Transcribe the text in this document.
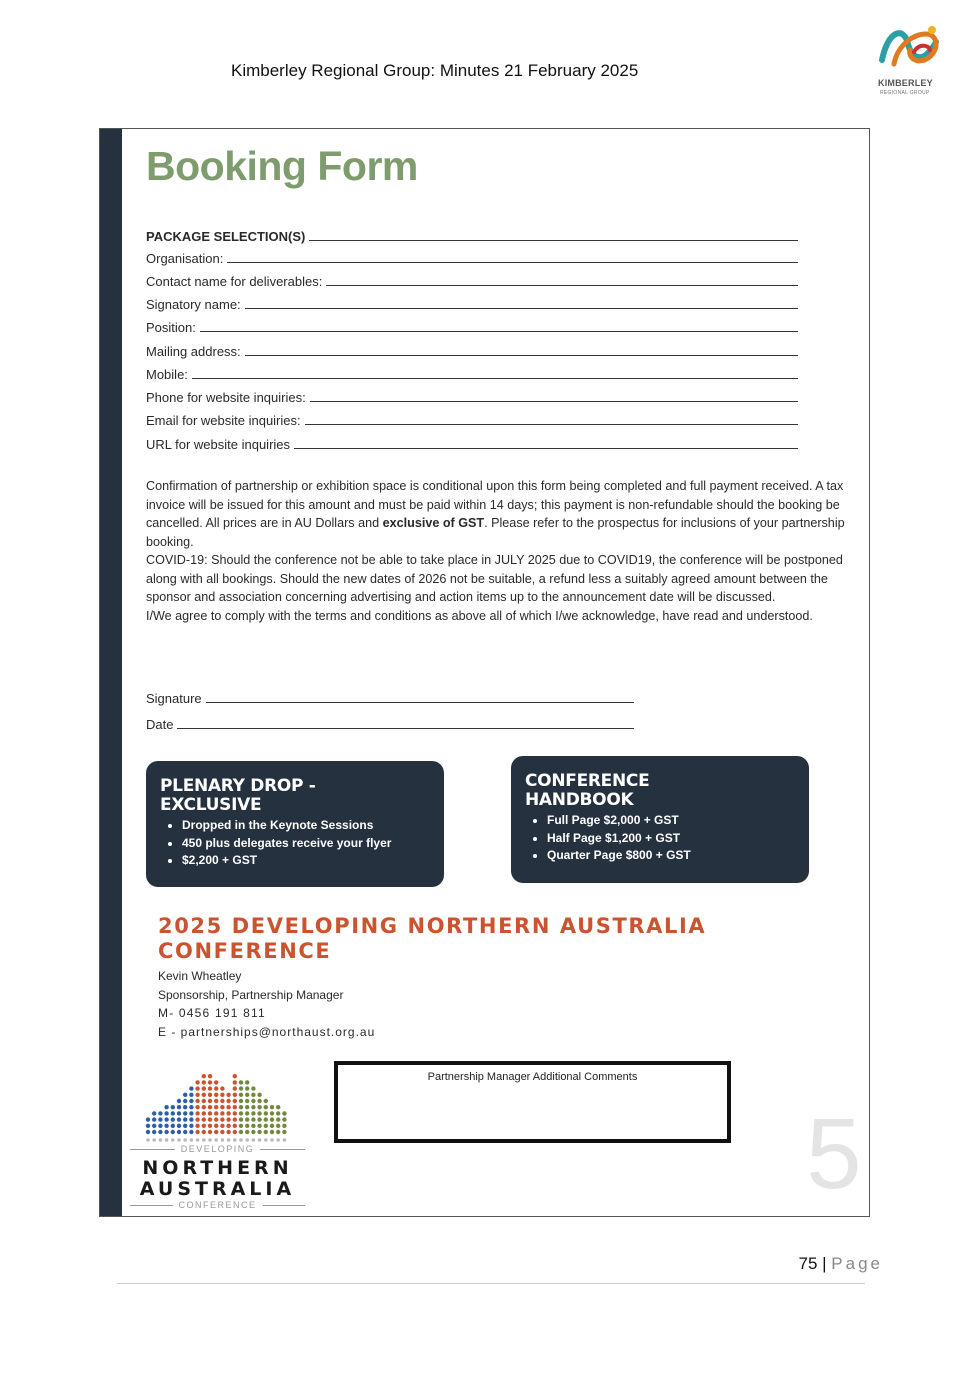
Kimberley Regional Group: Minutes 21 February 2025
KIMBERLEY
REGIONAL GROUP
Booking Form
PACKAGE SELECTION(S)
Organisation:
Contact name for deliverables:
Signatory name:
Position:
Mailing address:
Mobile:
Phone for website inquiries:
Email for website inquiries:
URL for website inquiries

Confirmation of partnership or exhibition space is conditional upon this form being completed and full payment received. A tax invoice will be issued for this amount and must be paid within 14 days; this payment is non-refundable should the booking be cancelled. All prices are in AU Dollars and exclusive of GST. Please refer to the prospectus for inclusions of your partnership booking.

COVID-19: Should the conference not be able to take place in JULY 2025 due to COVID19, the conference will be postponed along with all bookings. Should the new dates of 2026 not be suitable, a refund less a suitably agreed amount between the sponsor and association concerning advertising and action items up to the announcement date will be discussed.

I/We agree to comply with the terms and conditions as above all of which I/we acknowledge, have read and understood.

Signature
Date
PLENARY DROP -
EXCLUSIVE
• Dropped in the Keynote Sessions
• 450 plus delegates receive your flyer
• $2,200 + GST
CONFERENCE
HANDBOOK
• Full Page $2,000 + GST
• Half Page $1,200 + GST
• Quarter Page $800 + GST
2025 DEVELOPING NORTHERN AUSTRALIA
CONFERENCE
Kevin Wheatley
Sponsorship, Partnership Manager
M- 0456 191 811
E - partnerships@northaust.org.au
DEVELOPING
NORTHERN
AUSTRALIA
CONFERENCE
Partnership Manager Additional Comments
5
75 | Page
